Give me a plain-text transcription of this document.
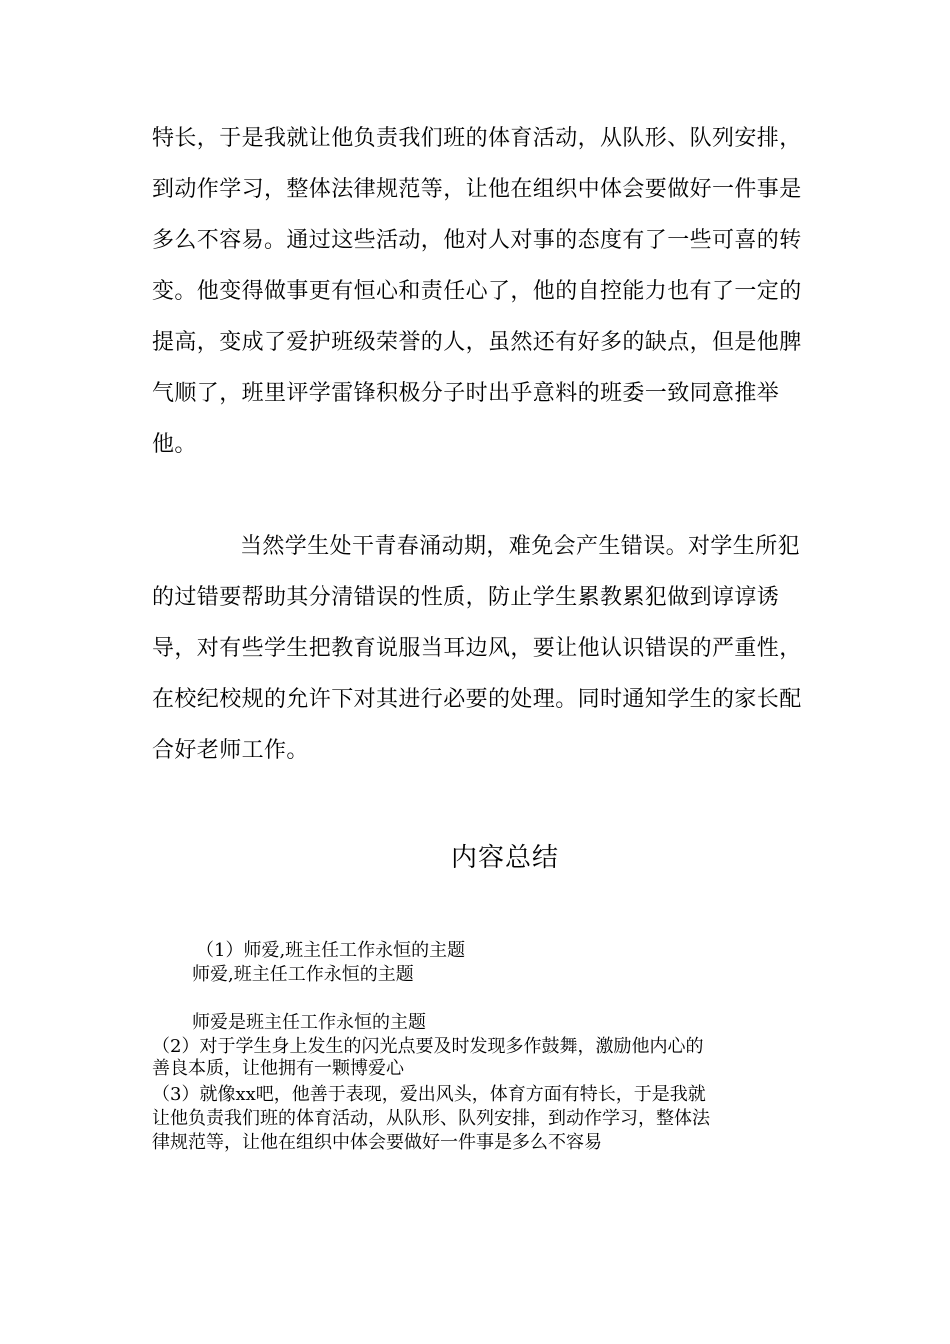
特长，于是我就让他负责我们班的体育活动，从队形、队列安排，
到动作学习，整体法律规范等，让他在组织中体会要做好一件事是
多么不容易。通过这些活动，他对人对事的态度有了一些可喜的转
变。他变得做事更有恒心和责任心了，他的自控能力也有了一定的
提高，变成了爱护班级荣誉的人，虽然还有好多的缺点，但是他脾
气顺了，班里评学雷锋积极分子时出乎意料的班委一致同意推举
他。
当然学生处干青春涌动期，难免会产生错误。对学生所犯
的过错要帮助其分清错误的性质，防止学生累教累犯做到谆谆诱
导，对有些学生把教育说服当耳边风，要让他认识错误的严重性，
在校纪校规的允许下对其进行必要的处理。同时通知学生的家长配
合好老师工作。
内容总结
（1）师爱,班主任工作永恒的主题
师爱,班主任工作永恒的主题
师爱是班主任工作永恒的主题
（2）对于学生身上发生的闪光点要及时发现多作鼓舞，激励他内心的
善良本质，让他拥有一颗博爱心
（3）就像xx吧，他善于表现，爱出风头，体育方面有特长，于是我就
让他负责我们班的体育活动，从队形、队列安排，到动作学习，整体法
律规范等，让他在组织中体会要做好一件事是多么不容易
